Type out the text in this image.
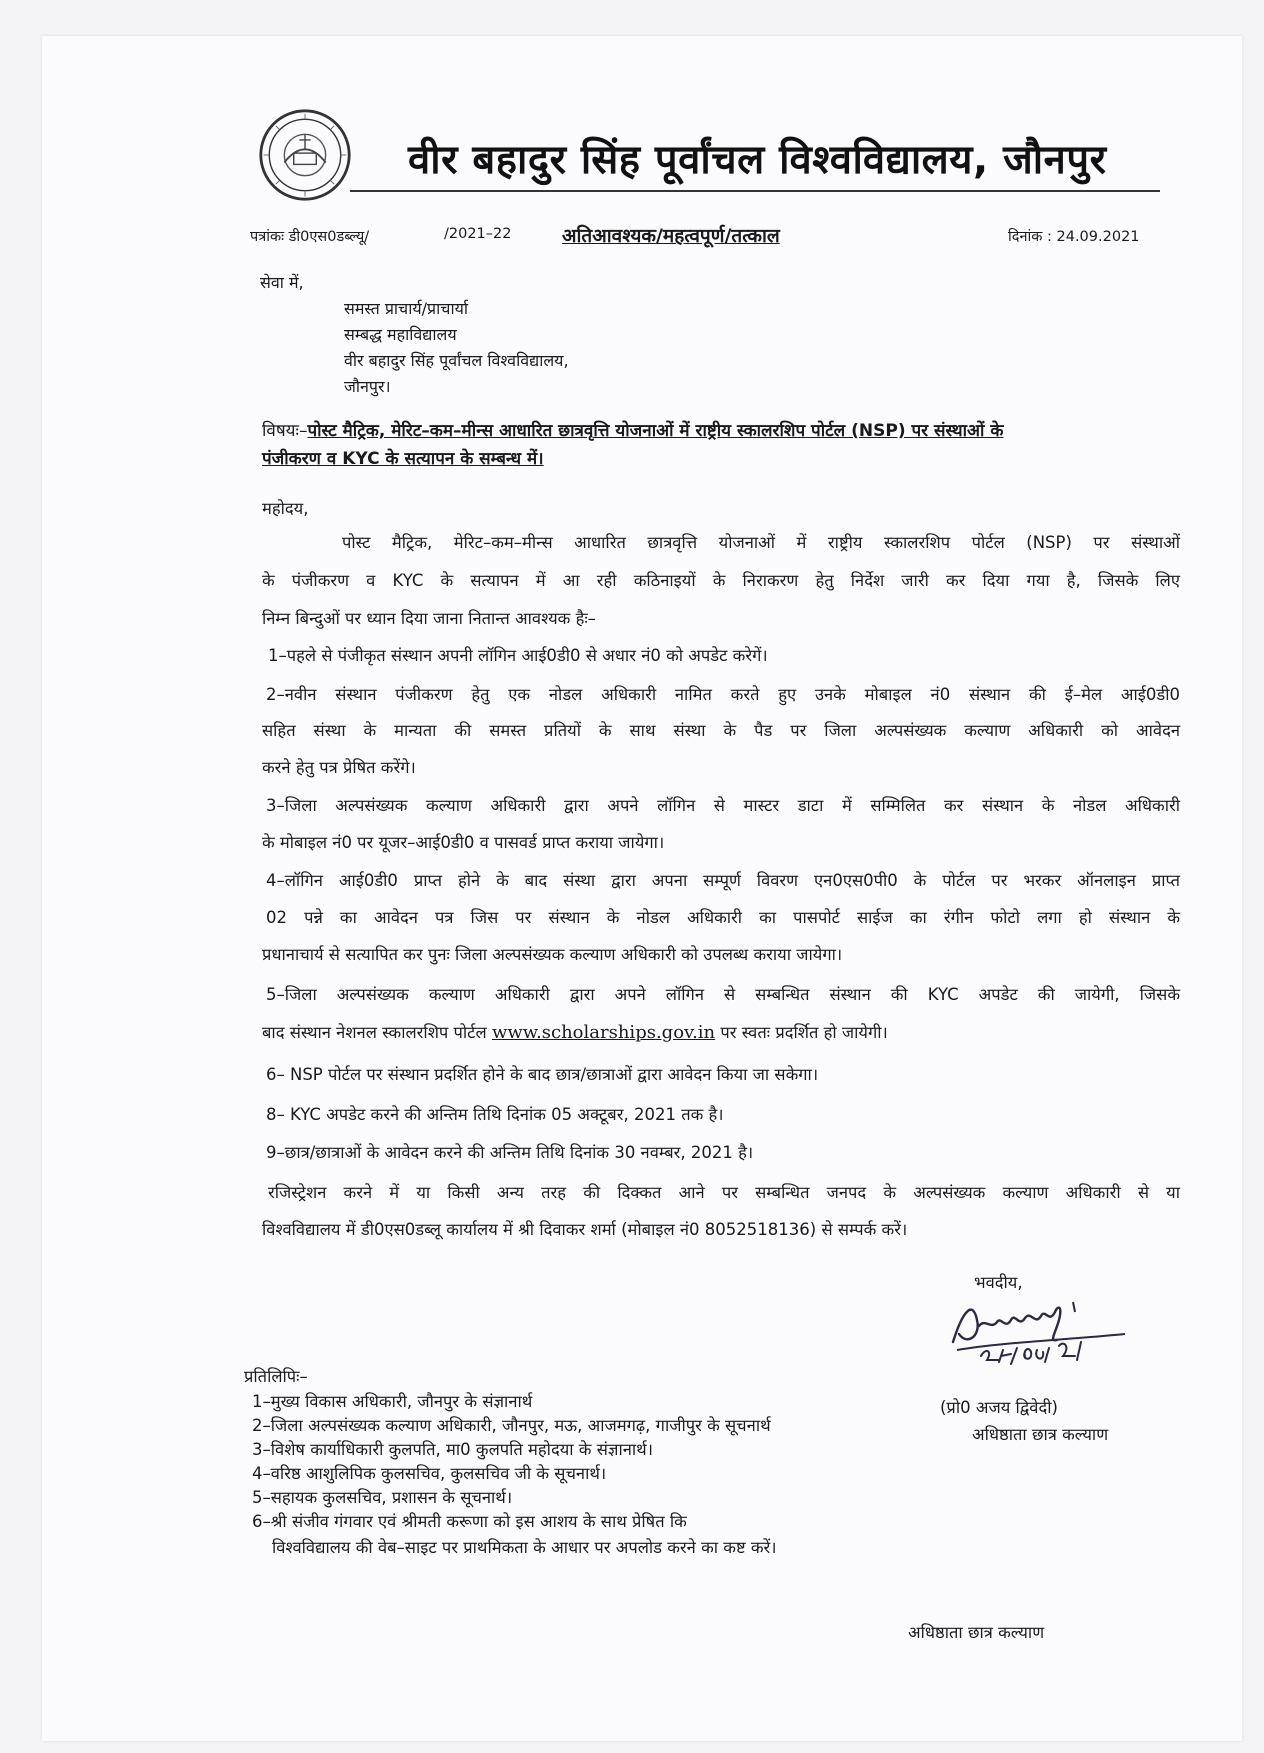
वीर बहादुर सिंह पूर्वांचल विश्वविद्यालय, जौनपुर
पत्रांकः डी0एस0डब्ल्यू/	/2021–22	अतिआवश्यक/महत्वपूर्ण/तत्काल	दिनांक : 24.09.2021
सेवा में,
समस्त प्राचार्य/प्राचार्या
सम्बद्ध महाविद्यालय
वीर बहादुर सिंह पूर्वांचल विश्वविद्यालय,
जौनपुर।
विषयः–पोस्ट मैट्रिक, मेरिट–कम–मीन्स आधारित छात्रवृत्ति योजनाओं में राष्ट्रीय स्कालरशिप पोर्टल (NSP) पर संस्थाओं के
पंजीकरण व KYC के सत्यापन के सम्बन्ध में।
महोदय,
पोस्ट मैट्रिक, मेरिट–कम–मीन्स आधारित छात्रवृत्ति योजनाओं में राष्ट्रीय स्कालरशिप पोर्टल (NSP) पर संस्थाओं
के पंजीकरण व KYC के सत्यापन में आ रही कठिनाइयों के निराकरण हेतु निर्देश जारी कर दिया गया है, जिसके लिए
निम्न बिन्दुओं पर ध्यान दिया जाना नितान्त आवश्यक हैः–
1–पहले से पंजीकृत संस्थान अपनी लॉगिन आई0डी0 से अधार नं0 को अपडेट करेगें।
2–नवीन संस्थान पंजीकरण हेतु एक नोडल अधिकारी नामित करते हुए उनके मोबाइल नं0 संस्थान की ई–मेल आई0डी0
सहित संस्था के मान्यता की समस्त प्रतियों के साथ संस्था के पैड पर जिला अल्पसंख्यक कल्याण अधिकारी को आवेदन
करने हेतु पत्र प्रेषित करेंगे।
3–जिला अल्पसंख्यक कल्याण अधिकारी द्वारा अपने लॉगिन से मास्टर डाटा में सम्मिलित कर संस्थान के नोडल अधिकारी
के मोबाइल नं0 पर यूजर–आई0डी0 व पासवर्ड प्राप्त कराया जायेगा।
4–लॉगिन आई0डी0 प्राप्त होने के बाद संस्था द्वारा अपना सम्पूर्ण विवरण एन0एस0पी0 के पोर्टल पर भरकर ऑनलाइन प्राप्त
02 पन्ने का आवेदन पत्र जिस पर संस्थान के नोडल अधिकारी का पासपोर्ट साईज का रंगीन फोटो लगा हो संस्थान के
प्रधानाचार्य से सत्यापित कर पुनः जिला अल्पसंख्यक कल्याण अधिकारी को उपलब्ध कराया जायेगा।
5–जिला अल्पसंख्यक कल्याण अधिकारी द्वारा अपने लॉगिन से सम्बन्धित संस्थान की KYC अपडेट की जायेगी, जिसके
बाद संस्थान नेशनल स्कालरशिप पोर्टल www.scholarships.gov.in पर स्वतः प्रदर्शित हो जायेगी।
6– NSP पोर्टल पर संस्थान प्रदर्शित होने के बाद छात्र/छात्राओं द्वारा आवेदन किया जा सकेगा।
8– KYC अपडेट करने की अन्तिम तिथि दिनांक 05 अक्टूबर, 2021 तक है।
9–छात्र/छात्राओं के आवेदन करने की अन्तिम तिथि दिनांक 30 नवम्बर, 2021 है।
रजिस्ट्रेशन करने में या किसी अन्य तरह की दिक्कत आने पर सम्बन्धित जनपद के अल्पसंख्यक कल्याण अधिकारी से या
विश्वविद्यालय में डी0एस0डब्लू कार्यालय में श्री दिवाकर शर्मा (मोबाइल नं0 8052518136) से सम्पर्क करें।
भवदीय,
(प्रो0 अजय द्विवेदी)
अधिष्ठाता छात्र कल्याण
प्रतिलिपिः–
1–मुख्य विकास अधिकारी, जौनपुर के संज्ञानार्थ
2–जिला अल्पसंख्यक कल्याण अधिकारी, जौनपुर, मऊ, आजमगढ़, गाजीपुर के सूचनार्थ
3–विशेष कार्याधिकारी कुलपति, मा0 कुलपति महोदया के संज्ञानार्थ।
4–वरिष्ठ आशुलिपिक कुलसचिव, कुलसचिव जी के सूचनार्थ।
5–सहायक कुलसचिव, प्रशासन के सूचनार्थ।
6–श्री संजीव गंगवार एवं श्रीमती करूणा को इस आशय के साथ प्रेषित कि
विश्वविद्यालय की वेब–साइट पर प्राथमिकता के आधार पर अपलोड करने का कष्ट करें।
अधिष्ठाता छात्र कल्याण
